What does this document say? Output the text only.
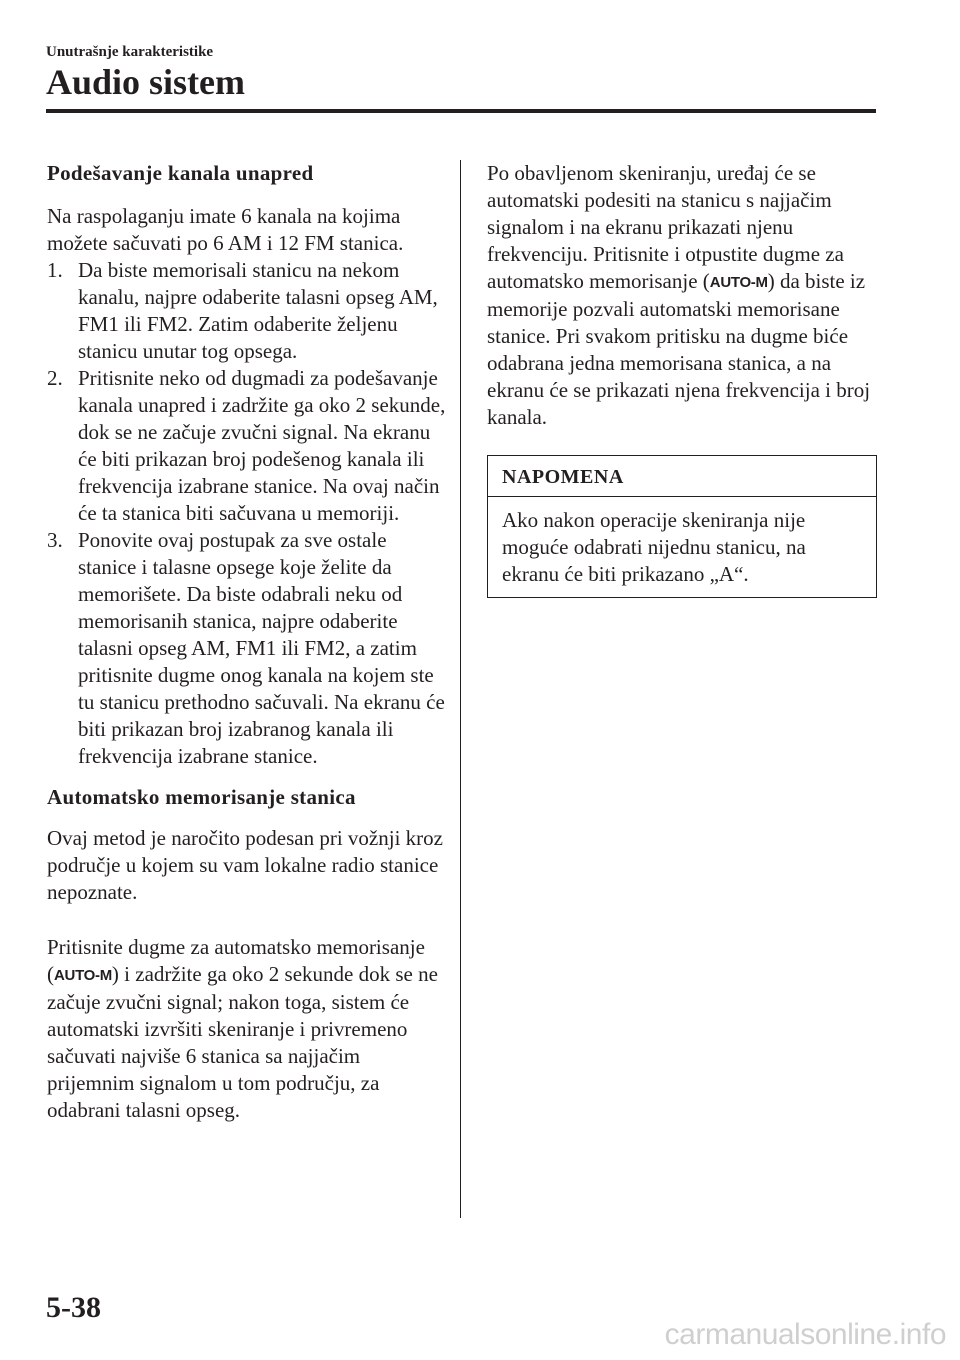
Unutrašnje karakteristike
Audio sistem
Podešavanje kanala unapred

Na raspolaganju imate 6 kanala na kojima možete sačuvati po 6 AM i 12 FM stanica.

1. Da biste memorisali stanicu na nekom kanalu, najpre odaberite talasni opseg AM, FM1 ili FM2. Zatim odaberite željenu stanicu unutar tog opsega.
2. Pritisnite neko od dugmadi za podešavanje kanala unapred i zadržite ga oko 2 sekunde, dok se ne začuje zvučni signal. Na ekranu će biti prikazan broj podešenog kanala ili frekvencija izabrane stanice. Na ovaj način će ta stanica biti sačuvana u memoriji.
3. Ponovite ovaj postupak za sve ostale stanice i talasne opsege koje želite da memorišete. Da biste odabrali neku od memorisanih stanica, najpre odaberite talasni opseg AM, FM1 ili FM2, a zatim pritisnite dugme onog kanala na kojem ste tu stanicu prethodno sačuvali. Na ekranu će biti prikazan broj izabranog kanala ili frekvencija izabrane stanice.
Automatsko memorisanje stanica

Ovaj metod je naročito podesan pri vožnji kroz područje u kojem su vam lokalne radio stanice nepoznate.

Pritisnite dugme za automatsko memorisanje (AUTO-M) i zadržite ga oko 2 sekunde dok se ne začuje zvučni signal; nakon toga, sistem će automatski izvršiti skeniranje i privremeno sačuvati najviše 6 stanica sa najjačim prijemnim signalom u tom području, za odabrani talasni opseg.

Po obavljenom skeniranju, uređaj će se automatski podesiti na stanicu s najjačim signalom i na ekranu prikazati njenu frekvenciju. Pritisnite i otpustite dugme za automatsko memorisanje (AUTO-M) da biste iz memorije pozvali automatski memorisane stanice. Pri svakom pritisku na dugme biće odabrana jedna memorisana stanica, a na ekranu će se prikazati njena frekvencija i broj kanala.

NAPOMENA
Ako nakon operacije skeniranja nije moguće odabrati nijednu stanicu, na ekranu će biti prikazano „A“.
5-38
carmanualsonline.info
